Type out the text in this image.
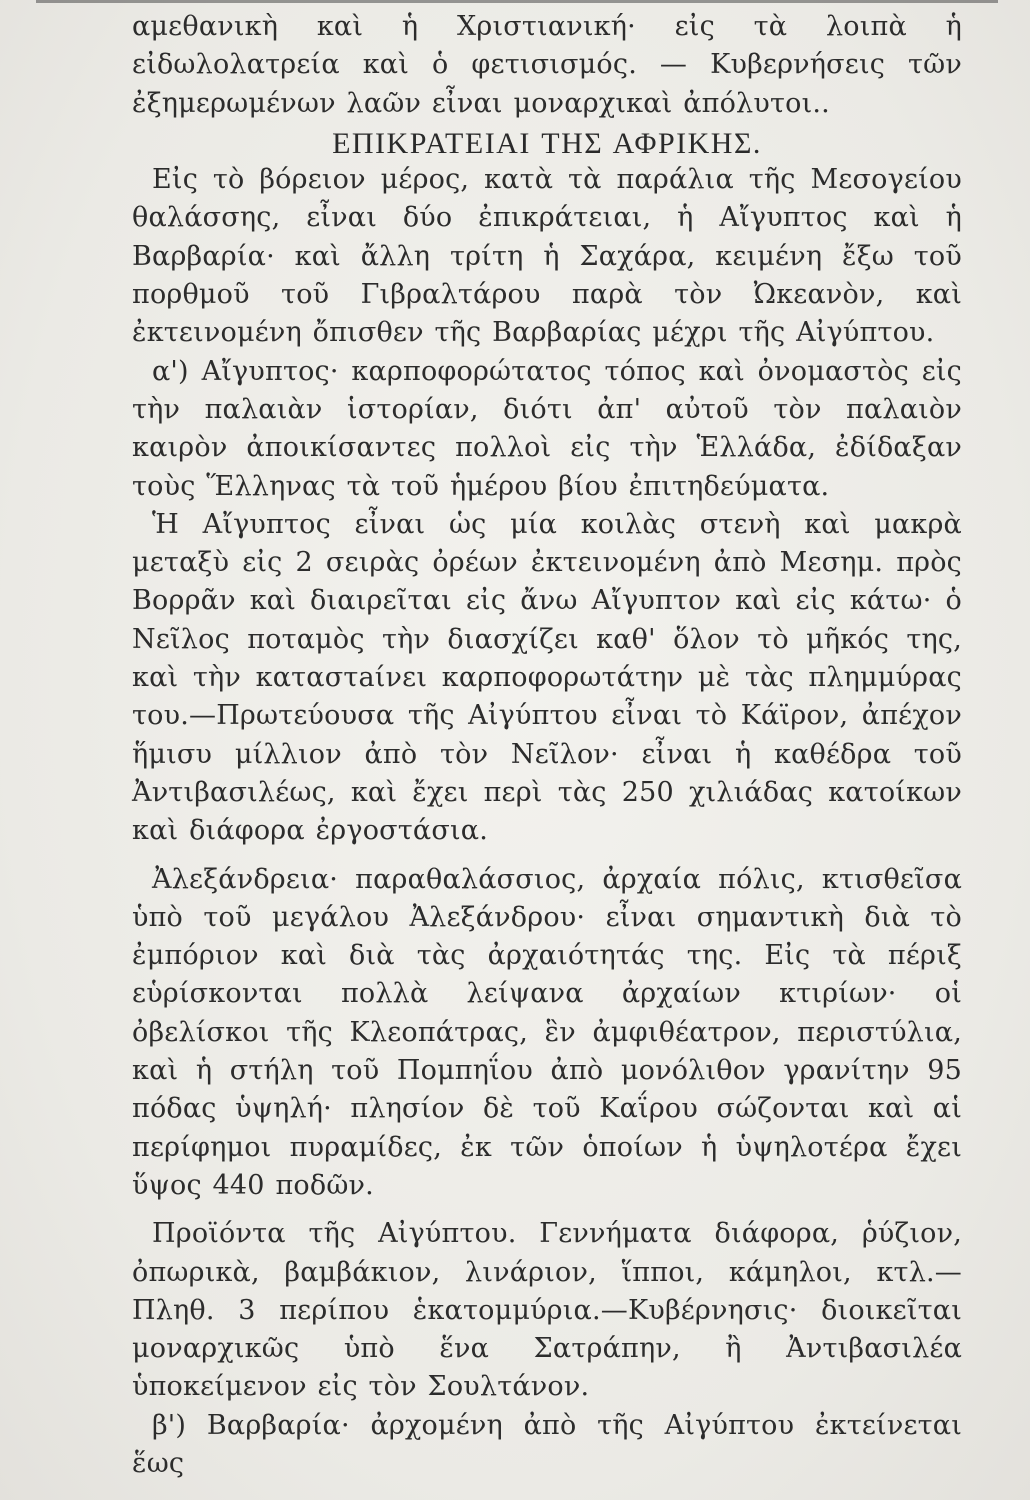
αμεθανικὴ καὶ ἡ Χριστιανική· εἰς τὰ λοιπὰ ἡ εἰδωλολατρεία καὶ ὁ φετισισμός. — Κυβερνήσεις τῶν ἐξημερωμένων λαῶν εἶναι μοναρχικαὶ ἀπόλυτοι..

ΕΠΙΚΡΑΤΕΙΑΙ ΤΗΣ ΑΦΡΙΚΗΣ.

Εἰς τὸ βόρειον μέρος, κατὰ τὰ παράλια τῆς Μεσογείου θαλάσσης, εἶναι δύο ἐπικράτειαι, ἡ Αἴγυπτος καὶ ἡ Βαρβαρία· καὶ ἄλλη τρίτη ἡ Σαχάρα, κειμένη ἔξω τοῦ πορθμοῦ τοῦ Γιβραλτάρου παρὰ τὸν Ὠκεανὸν, καὶ ἐκτεινομένη ὄπισθεν τῆς Βαρβαρίας μέχρι τῆς Αἰγύπτου.

α') Αἴγυπτος· καρποφορώτατος τόπος καὶ ὀνομαστὸς εἰς τὴν παλαιὰν ἱστορίαν, διότι ἀπ' αὐτοῦ τὸν παλαιὸν καιρὸν ἀποικίσαντες πολλοὶ εἰς τὴν Ἑλλάδα, ἐδίδαξαν τοὺς Ἕλληνας τὰ τοῦ ἡμέρου βίου ἐπιτηδεύματα.

Ἡ Αἴγυπτος εἶναι ὡς μία κοιλὰς στενὴ καὶ μακρὰ μεταξὺ εἰς 2 σειρὰς ὀρέων ἐκτεινομένη ἀπὸ Μεσημ. πρὸς Βορρᾶν καὶ διαιρεῖται εἰς ἄνω Αἴγυπτον καὶ εἰς κάτω· ὁ Νεῖλος ποταμὸς τὴν διασχίζει καθ' ὅλον τὸ μῆκός της, καὶ τὴν καταστaίνει καρποφορωτάτην μὲ τὰς πλημμύρας του.—Πρωτεύουσα τῆς Αἰγύπτου εἶναι τὸ Κάϊρον, ἀπέχον ἥμισυ μίλλιον ἀπὸ τὸν Νεῖλον· εἶναι ἡ καθέδρα τοῦ Ἀντιβασιλέως, καὶ ἔχει περὶ τὰς 250 χιλιάδας κατοίκων καὶ διάφορα ἐργοστάσια.

Ἀλεξάνδρεια· παραθαλάσσιος, ἀρχαία πόλις, κτισθεῖσα ὑπὸ τοῦ μεγάλου Ἀλεξάνδρου· εἶναι σημαντικὴ διὰ τὸ ἐμπόριον καὶ διὰ τὰς ἀρχαιότητάς της. Εἰς τὰ πέριξ εὑρίσκονται πολλὰ λείψανα ἀρχαίων κτιρίων· οἱ ὀβελίσκοι τῆς Κλεοπάτρας, ἓν ἀμφιθέατρον, περιστύλια, καὶ ἡ στήλη τοῦ Πομπηΐου ἀπὸ μονόλιθον γρανίτην 95 πόδας ὑψηλή· πλησίον δὲ τοῦ Καΐρου σώζονται καὶ αἱ περίφημοι πυραμίδες, ἐκ τῶν ὁποίων ἡ ὑψηλοτέρα ἔχει ὕψος 440 ποδῶν.

Προϊόντα τῆς Αἰγύπτου. Γεννήματα διάφορα, ῥύζιον, ὀπωρικὰ, βαμβάκιον, λινάριον, ἵπποι, κάμηλοι, κτλ.—Πληθ. 3 περίπου ἑκατομμύρια.—Κυβέρνησις· διοικεῖται μοναρχικῶς ὑπὸ ἕνα Σατράπην, ἢ Ἀντιβασιλέα ὑποκείμενον εἰς τὸν Σουλτάνον.

β') Βαρβαρία· ἀρχομένη ἀπὸ τῆς Αἰγύπτου ἐκτείνεται ἕως
